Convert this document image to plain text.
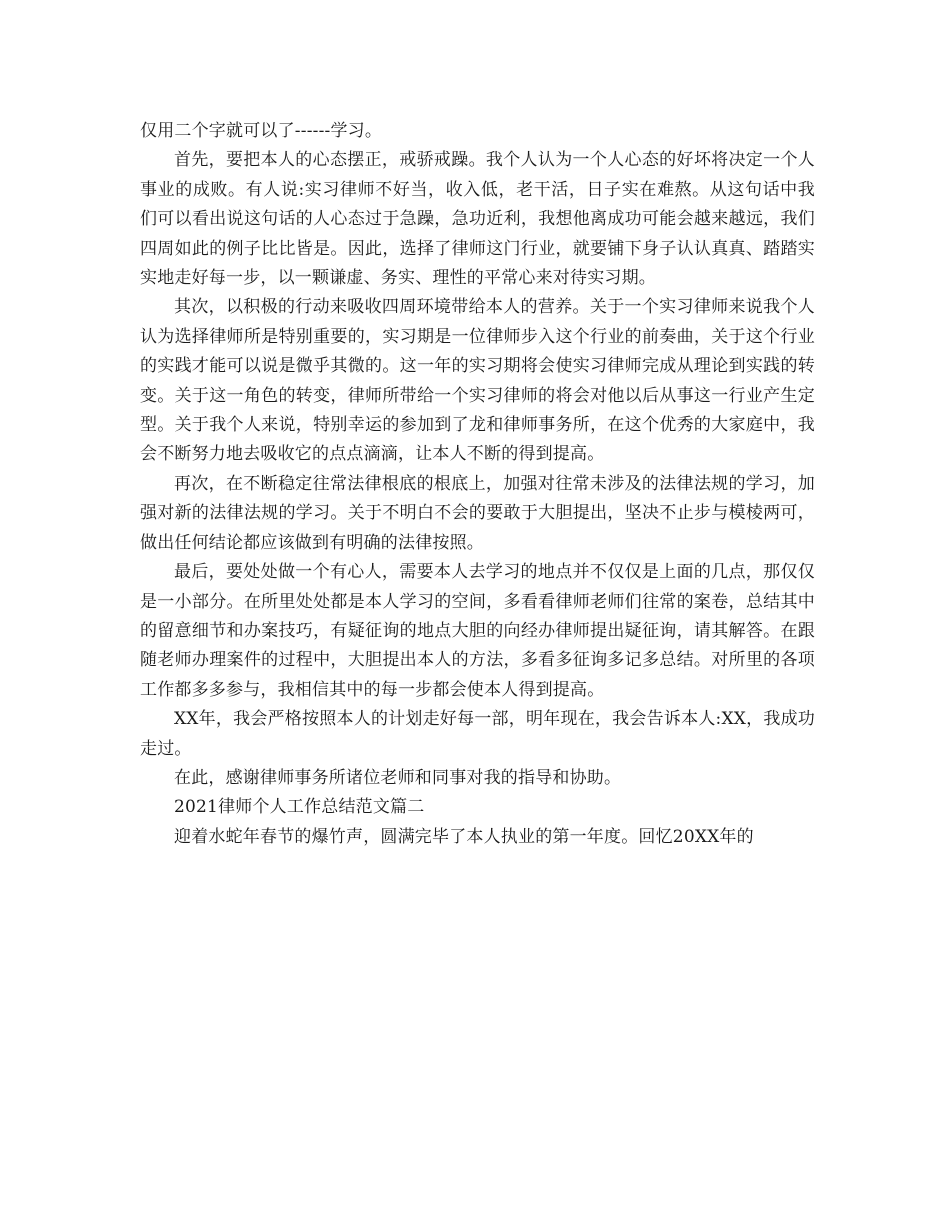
仅用二个字就可以了------学习。

首先，要把本人的心态摆正，戒骄戒躁。我个人认为一个人心态的好坏将决定一个人事业的成败。有人说:实习律师不好当，收入低，老干活，日子实在难熬。从这句话中我们可以看出说这句话的人心态过于急躁，急功近利，我想他离成功可能会越来越远，我们四周如此的例子比比皆是。因此，选择了律师这门行业，就要铺下身子认认真真、踏踏实实地走好每一步，以一颗谦虚、务实、理性的平常心来对待实习期。

其次，以积极的行动来吸收四周环境带给本人的营养。关于一个实习律师来说我个人认为选择律师所是特别重要的，实习期是一位律师步入这个行业的前奏曲，关于这个行业的实践才能可以说是微乎其微的。这一年的实习期将会使实习律师完成从理论到实践的转变。关于这一角色的转变，律师所带给一个实习律师的将会对他以后从事这一行业产生定型。关于我个人来说，特别幸运的参加到了龙和律师事务所，在这个优秀的大家庭中，我会不断努力地去吸收它的点点滴滴，让本人不断的得到提高。

再次，在不断稳定往常法律根底的根底上，加强对往常未涉及的法律法规的学习，加强对新的法律法规的学习。关于不明白不会的要敢于大胆提出，坚决不止步与模棱两可，做出任何结论都应该做到有明确的法律按照。

最后，要处处做一个有心人，需要本人去学习的地点并不仅仅是上面的几点，那仅仅是一小部分。在所里处处都是本人学习的空间，多看看律师老师们往常的案卷，总结其中的留意细节和办案技巧，有疑征询的地点大胆的向经办律师提出疑征询，请其解答。在跟随老师办理案件的过程中，大胆提出本人的方法，多看多征询多记多总结。对所里的各项工作都多多参与，我相信其中的每一步都会使本人得到提高。

XX年，我会严格按照本人的计划走好每一部，明年现在，我会告诉本人:XX，我成功走过。

在此，感谢律师事务所诸位老师和同事对我的指导和协助。

2021律师个人工作总结范文篇二

迎着水蛇年春节的爆竹声，圆满完毕了本人执业的第一年度。回忆20XX年的
